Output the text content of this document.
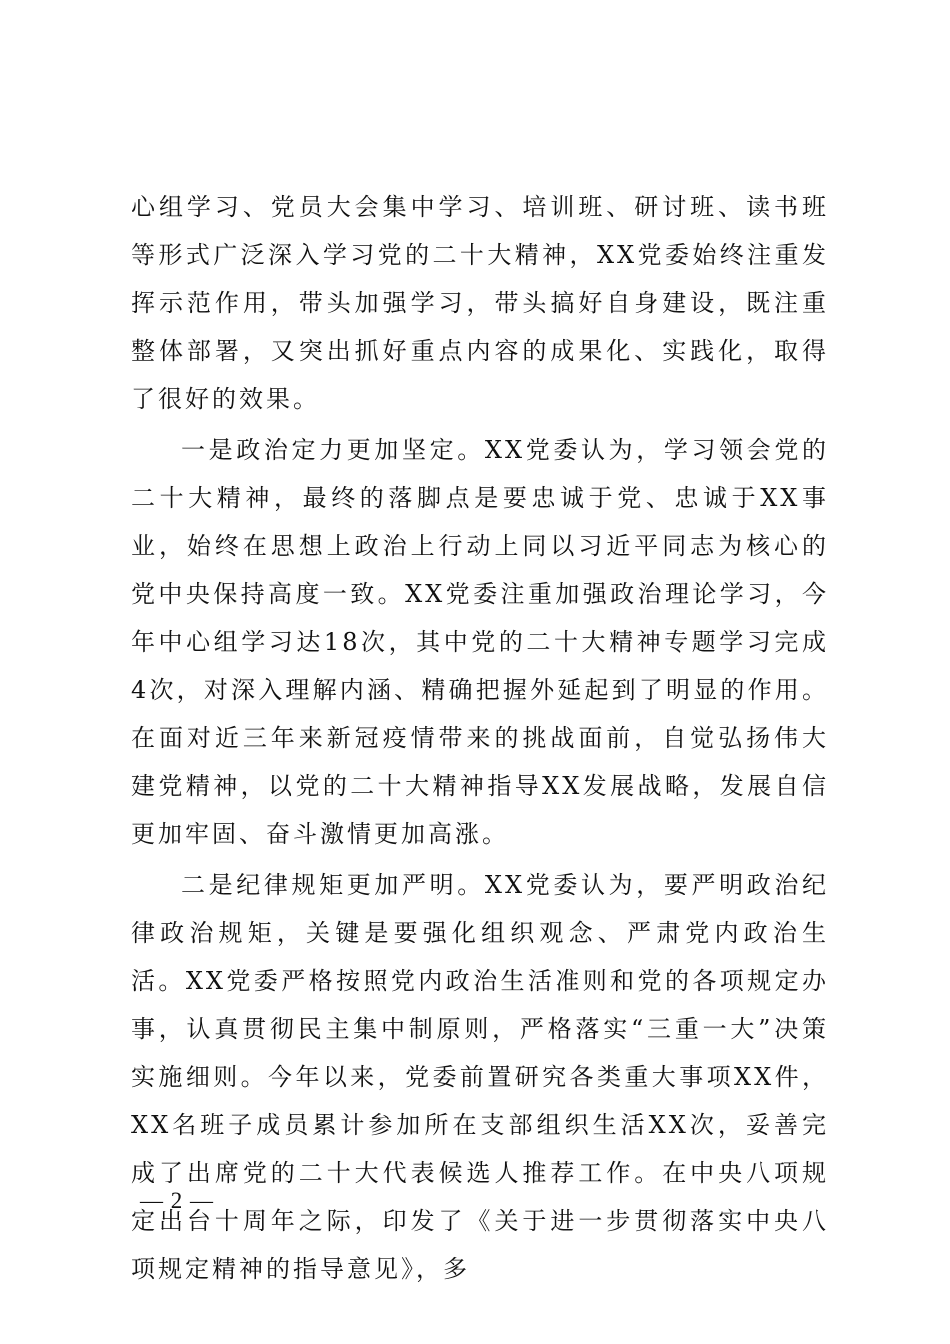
心组学习、党员大会集中学习、培训班、研讨班、读书班等形式广泛深入学习党的二十大精神，XX党委始终注重发挥示范作用，带头加强学习，带头搞好自身建设，既注重整体部署，又突出抓好重点内容的成果化、实践化，取得了很好的效果。

一是政治定力更加坚定。XX党委认为，学习领会党的二十大精神，最终的落脚点是要忠诚于党、忠诚于XX事业，始终在思想上政治上行动上同以习近平同志为核心的党中央保持高度一致。XX党委注重加强政治理论学习，今年中心组学习达18次，其中党的二十大精神专题学习完成4次，对深入理解内涵、精确把握外延起到了明显的作用。在面对近三年来新冠疫情带来的挑战面前，自觉弘扬伟大建党精神，以党的二十大精神指导XX发展战略，发展自信更加牢固、奋斗激情更加高涨。

二是纪律规矩更加严明。XX党委认为，要严明政治纪律政治规矩，关键是要强化组织观念、严肃党内政治生活。XX党委严格按照党内政治生活准则和党的各项规定办事，认真贯彻民主集中制原则，严格落实“三重一大”决策实施细则。今年以来，党委前置研究各类重大事项XX件，XX名班子成员累计参加所在支部组织生活XX次，妥善完成了出席党的二十大代表候选人推荐工作。在中央八项规定出台十周年之际，印发了《关于进一步贯彻落实中央八项规定精神的指导意见》，多

— 2 —
